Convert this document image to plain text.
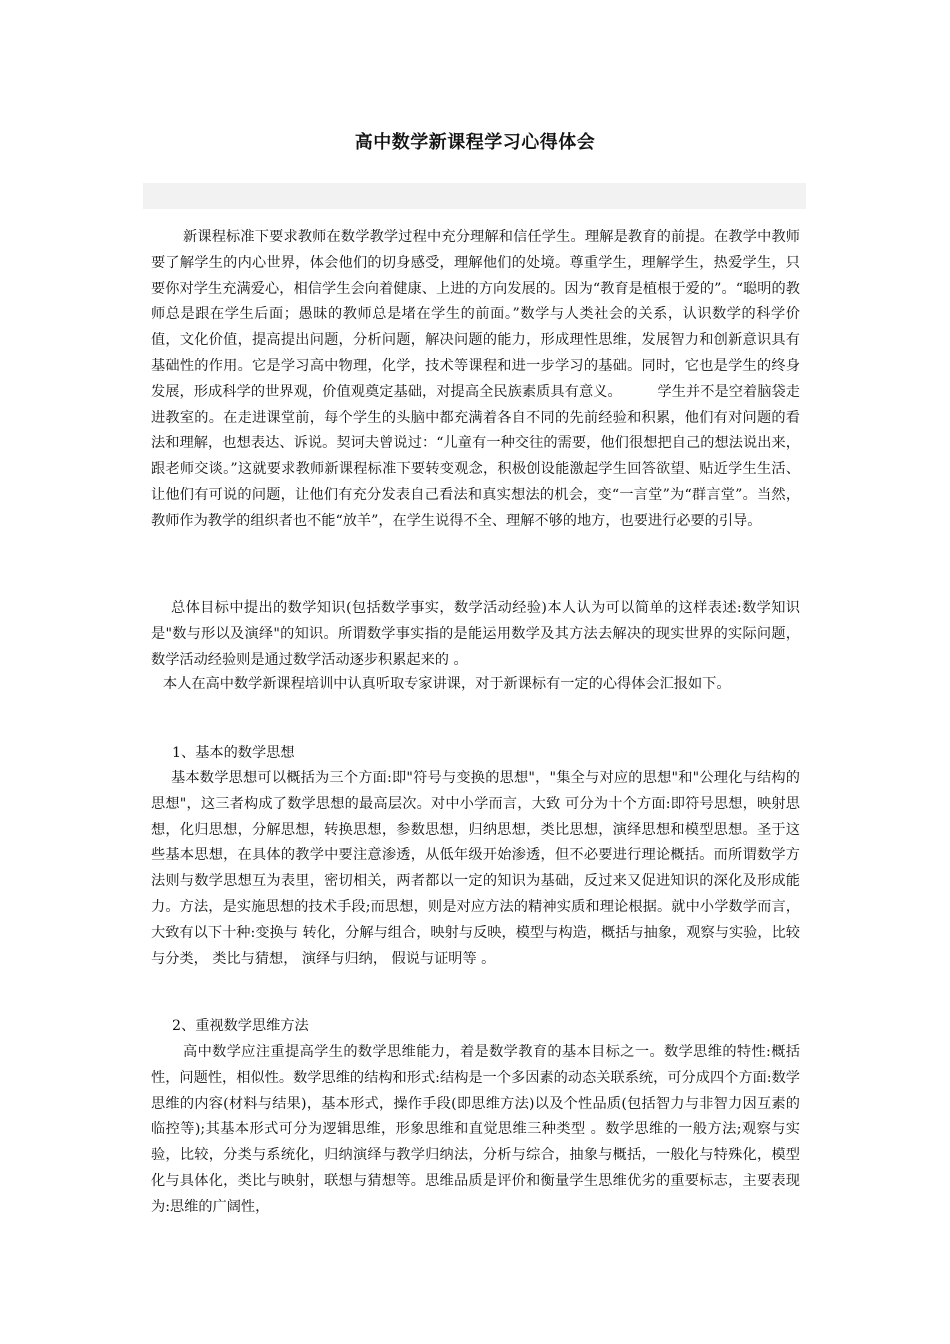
高中数学新课程学习心得体会

新课程标准下要求教师在数学教学过程中充分理解和信任学生。理解是教育的前提。在教学中教师要了解学生的内心世界，体会他们的切身感受，理解他们的处境。尊重学生，理解学生，热爱学生，只要你对学生充满爱心，相信学生会向着健康、上进的方向发展的。因为“教育是植根于爱的”。“聪明的教师总是跟在学生后面；愚昧的教师总是堵在学生的前面。”数学与人类社会的关系，认识数学的科学价值，文化价值，提高提出问题，分析问题，解决问题的能力，形成理性思维，发展智力和创新意识具有基础性的作用。它是学习高中物理，化学，技术等课程和进一步学习的基础。同时，它也是学生的终身发展，形成科学的世界观，价值观奠定基础，对提高全民族素质具有意义。　　　学生并不是空着脑袋走进教室的。在走进课堂前，每个学生的头脑中都充满着各自不同的先前经验和积累，他们有对问题的看法和理解，也想表达、诉说。契诃夫曾说过：“儿童有一种交往的需要，他们很想把自己的想法说出来，跟老师交谈。”这就要求教师新课程标准下要转变观念，积极创设能激起学生回答欲望、贴近学生生活、让他们有可说的问题，让他们有充分发表自己看法和真实想法的机会，变“一言堂”为“群言堂”。当然，教师作为教学的组织者也不能“放羊”，在学生说得不全、理解不够的地方，也要进行必要的引导。

总体目标中提出的数学知识(包括数学事实，数学活动经验)本人认为可以简单的这样表述:数学知识是"数与形以及演绎"的知识。所谓数学事实指的是能运用数学及其方法去解决的现实世界的实际问题，数学活动经验则是通过数学活动逐步积累起来的 。

本人在高中数学新课程培训中认真听取专家讲课，对于新课标有一定的心得体会汇报如下。

1、基本的数学思想

基本数学思想可以概括为三个方面:即"符号与变换的思想"，"集全与对应的思想"和"公理化与结构的思想"，这三者构成了数学思想的最高层次。对中小学而言，大致 可分为十个方面:即符号思想，映射思想，化归思想，分解思想，转换思想，参数思想，归纳思想，类比思想，演绎思想和模型思想。圣于这些基本思想，在具体的教学中要注意渗透，从低年级开始渗透，但不必要进行理论概括。而所谓数学方法则与数学思想互为表里，密切相关，两者都以一定的知识为基础，反过来又促进知识的深化及形成能力。方法，是实施思想的技术手段;而思想，则是对应方法的精神实质和理论根据。就中小学数学而言，大致有以下十种:变换与 转化，分解与组合，映射与反映，模型与构造，概括与抽象，观察与实验，比较与分类， 类比与猜想， 演绎与归纳， 假说与证明等 。

2、重视数学思维方法

高中数学应注重提高学生的数学思维能力，着是数学教育的基本目标之一。数学思维的特性:概括性，问题性，相似性。数学思维的结构和形式:结构是一个多因素的动态关联系统，可分成四个方面:数学思维的内容(材料与结果)，基本形式，操作手段(即思维方法)以及个性品质(包括智力与非智力因互素的临控等);其基本形式可分为逻辑思维，形象思维和直觉思维三种类型 。数学思维的一般方法;观察与实验，比较，分类与系统化，归纳演绎与教学归纳法，分析与综合，抽象与概括，一般化与特殊化，模型化与具体化，类比与映射，联想与猜想等。思维品质是评价和衡量学生思维优劣的重要标志，主要表现为:思维的广阔性，
